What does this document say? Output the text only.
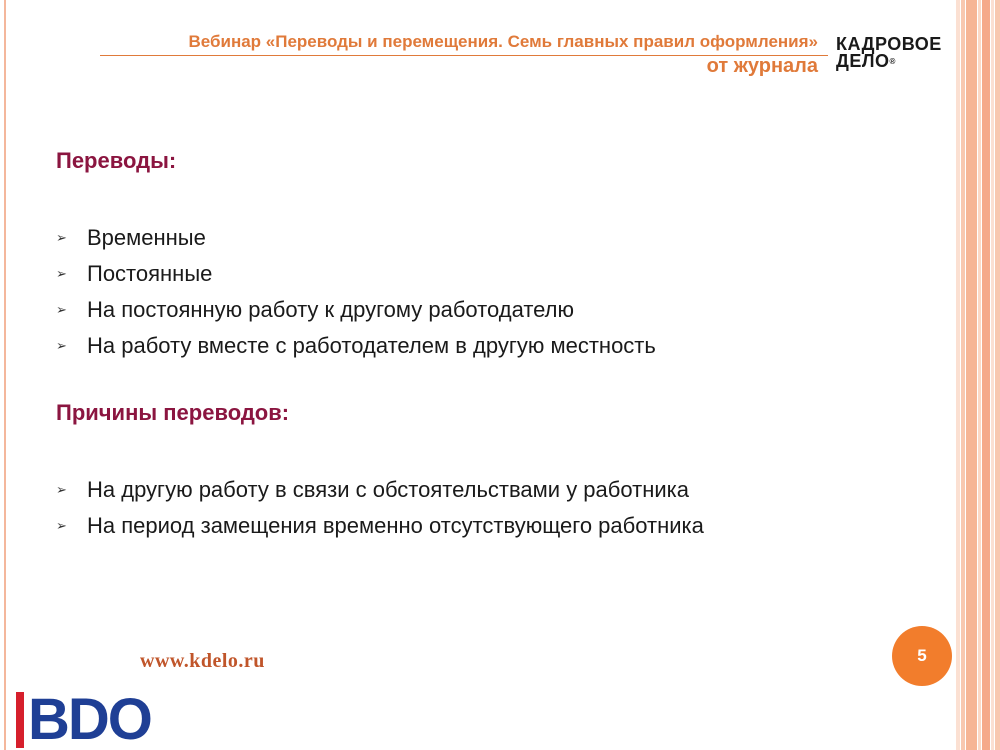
Вебинар «Переводы и перемещения. Семь главных правил оформления»
от журнала
КАДРОВОЕ
ДЕЛО®
Переводы:
➢ Временные
➢ Постоянные
➢ На постоянную работу к другому работодателю
➢ На работу вместе с работодателем в другую местность
Причины переводов:
➢ На другую работу в связи с обстоятельствами у работника
➢ На период замещения временно отсутствующего работника
www.kdelo.ru	5
BDO
